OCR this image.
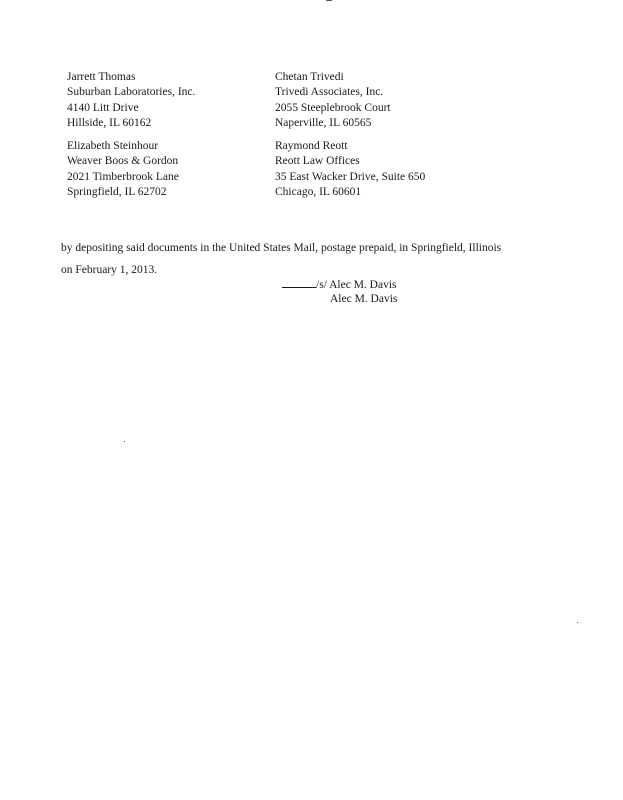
Jarrett Thomas
Suburban Laboratories, Inc.
4140 Litt Drive
Hillside, IL 60162
Chetan Trivedi
Trivedi Associates, Inc.
2055 Steeplebrook Court
Naperville, IL 60565
Elizabeth Steinhour
Weaver Boos & Gordon
2021 Timberbrook Lane
Springfield, IL 62702
Raymond Reott
Reott Law Offices
35 East Wacker Drive, Suite 650
Chicago, IL 60601
by depositing said documents in the United States Mail, postage prepaid, in Springfield, Illinois
on February 1, 2013.
/s/ Alec M. Davis
Alec M. Davis
